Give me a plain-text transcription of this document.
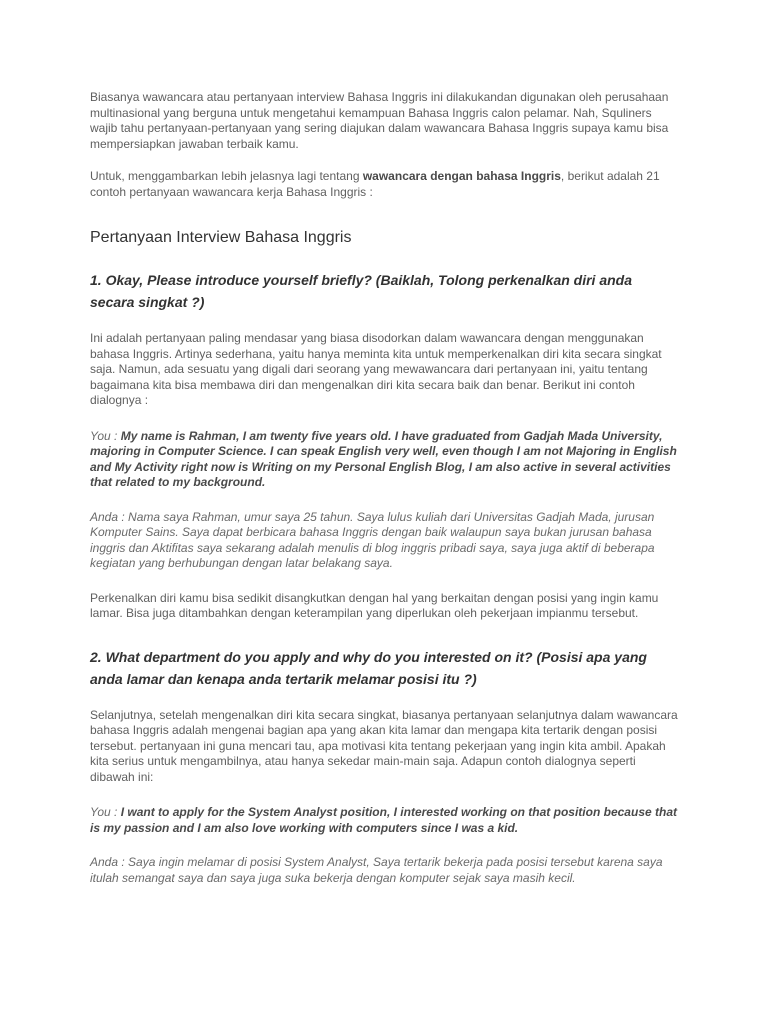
Biasanya wawancara atau pertanyaan interview Bahasa Inggris ini dilakukandan digunakan oleh perusahaan multinasional yang berguna untuk mengetahui kemampuan Bahasa Inggris calon pelamar. Nah, Squliners wajib tahu pertanyaan-pertanyaan yang sering diajukan dalam wawancara Bahasa Inggris supaya kamu bisa mempersiapkan jawaban terbaik kamu.

Untuk, menggambarkan lebih jelasnya lagi tentang wawancara dengan bahasa Inggris, berikut adalah 21 contoh pertanyaan wawancara kerja Bahasa Inggris :

Pertanyaan Interview Bahasa Inggris
1. Okay, Please introduce yourself briefly? (Baiklah, Tolong perkenalkan diri anda secara singkat ?)

Ini adalah pertanyaan paling mendasar yang biasa disodorkan dalam wawancara dengan menggunakan bahasa Inggris. Artinya sederhana, yaitu hanya meminta kita untuk memperkenalkan diri kita secara singkat saja. Namun, ada sesuatu yang digali dari seorang yang mewawancara dari pertanyaan ini, yaitu tentang bagaimana kita bisa membawa diri dan mengenalkan diri kita secara baik dan benar. Berikut ini contoh dialognya :

You : My name is Rahman, I am twenty five years old. I have graduated from Gadjah Mada University, majoring in Computer Science. I can speak English very well, even though I am not Majoring in English and My Activity right now is Writing on my Personal English Blog, I am also active in several activities that related to my background.

Anda : Nama saya Rahman, umur saya 25 tahun. Saya lulus kuliah dari Universitas Gadjah Mada, jurusan Komputer Sains. Saya dapat berbicara bahasa Inggris dengan baik walaupun saya bukan jurusan bahasa inggris dan Aktifitas saya sekarang adalah menulis di blog inggris pribadi saya, saya juga aktif di beberapa kegiatan yang berhubungan dengan latar belakang saya.

Perkenalkan diri kamu bisa sedikit disangkutkan dengan hal yang berkaitan dengan posisi yang ingin kamu lamar. Bisa juga ditambahkan dengan keterampilan yang diperlukan oleh pekerjaan impianmu tersebut.

2. What department do you apply and why do you interested on it? (Posisi apa yang anda lamar dan kenapa anda tertarik melamar posisi itu ?)

Selanjutnya, setelah mengenalkan diri kita secara singkat, biasanya pertanyaan selanjutnya dalam wawancara bahasa Inggris adalah mengenai bagian apa yang akan kita lamar dan mengapa kita tertarik dengan posisi tersebut. pertanyaan ini guna mencari tau, apa motivasi kita tentang pekerjaan yang ingin kita ambil. Apakah kita serius untuk mengambilnya, atau hanya sekedar main-main saja. Adapun contoh dialognya seperti dibawah ini:

You : I want to apply for the System Analyst position, I interested working on that position because that is my passion and I am also love working with computers since I was a kid.

Anda : Saya ingin melamar di posisi System Analyst, Saya tertarik bekerja pada posisi tersebut karena saya itulah semangat saya dan saya juga suka bekerja dengan komputer sejak saya masih kecil.
